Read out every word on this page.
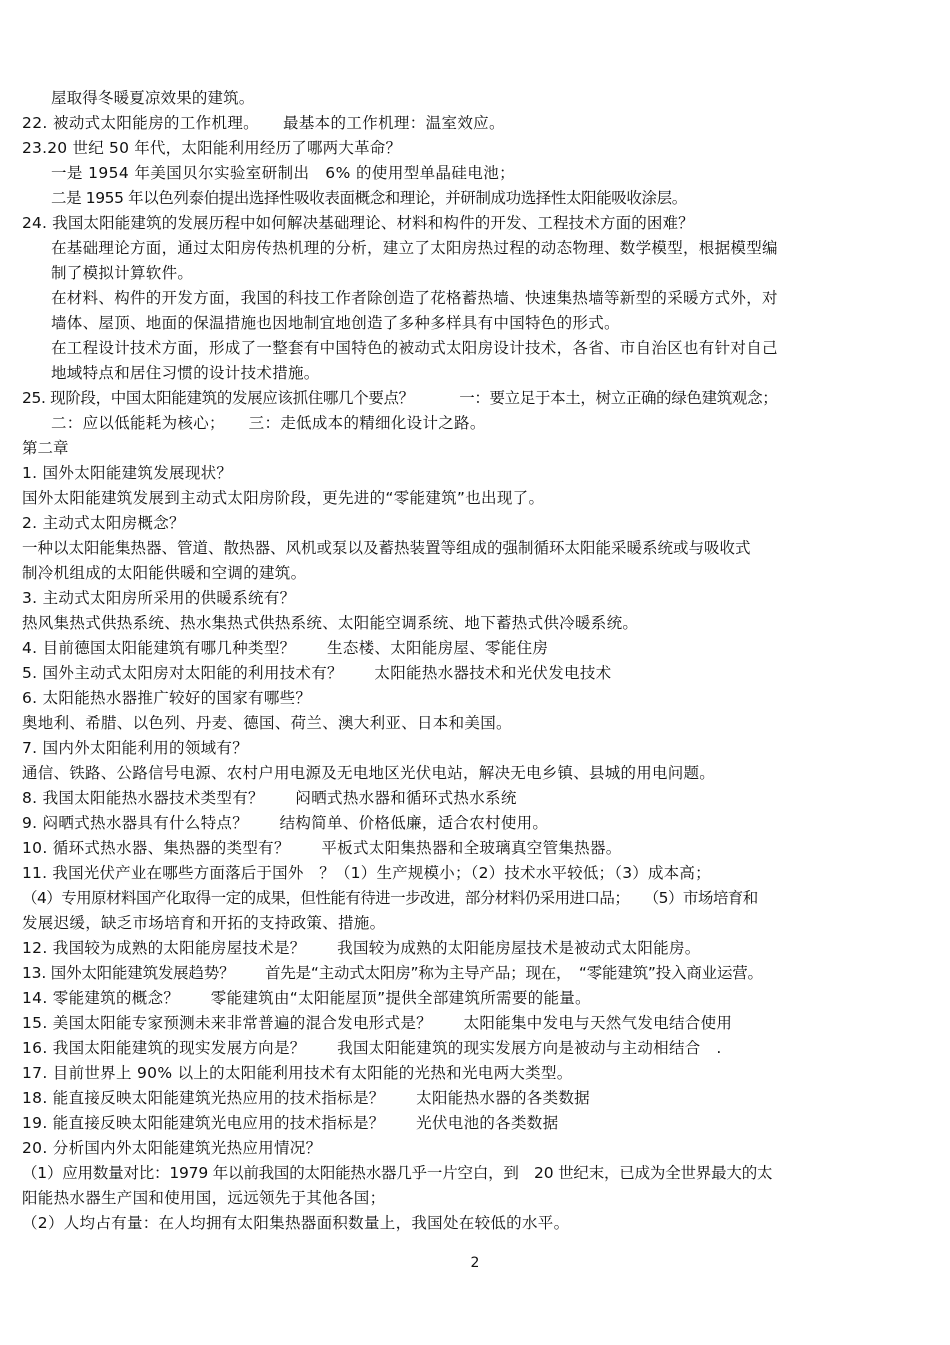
屋取得冬暖夏凉效果的建筑。
22. 被动式太阳能房的工作机理。　　最基本的工作机理：温室效应。
23.20 世纪 50 年代，太阳能利用经历了哪两大革命？
一是 1954 年美国贝尔实验室研制出　6% 的使用型单晶硅电池；
二是 1955 年以色列泰伯提出选择性吸收表面概念和理论，并研制成功选择性太阳能吸收涂层。
24. 我国太阳能建筑的发展历程中如何解决基础理论、材料和构件的开发、工程技术方面的困难？
在基础理论方面，通过太阳房传热机理的分析，建立了太阳房热过程的动态物理、数学模型，根据模型编
制了模拟计算软件。
在材料、构件的开发方面，我国的科技工作者除创造了花格蓄热墙、快速集热墙等新型的采暖方式外，对
墙体、屋顶、地面的保温措施也因地制宜地创造了多种多样具有中国特色的形式。
在工程设计技术方面，形成了一整套有中国特色的被动式太阳房设计技术，各省、市自治区也有针对自己
地域特点和居住习惯的设计技术措施。
25. 现阶段，中国太阳能建筑的发展应该抓住哪几个要点？　　　一：要立足于本土，树立正确的绿色建筑观念；
二：应以低能耗为核心；　　三：走低成本的精细化设计之路。
第二章
1. 国外太阳能建筑发展现状？
国外太阳能建筑发展到主动式太阳房阶段，更先进的“零能建筑”也出现了。
2. 主动式太阳房概念？
一种以太阳能集热器、管道、散热器、风机或泵以及蓄热装置等组成的强制循环太阳能采暖系统或与吸收式
制冷机组成的太阳能供暖和空调的建筑。
3. 主动式太阳房所采用的供暖系统有？
热风集热式供热系统、热水集热式供热系统、太阳能空调系统、地下蓄热式供冷暖系统。
4. 目前德国太阳能建筑有哪几种类型？　　生态楼、太阳能房屋、零能住房
5. 国外主动式太阳房对太阳能的利用技术有？　　太阳能热水器技术和光伏发电技术
6. 太阳能热水器推广较好的国家有哪些？
奥地利、希腊、以色列、丹麦、德国、荷兰、澳大利亚、日本和美国。
7. 国内外太阳能利用的领域有？
通信、铁路、公路信号电源、农村户用电源及无电地区光伏电站，解决无电乡镇、县城的用电问题。
8. 我国太阳能热水器技术类型有？　　闷晒式热水器和循环式热水系统
9. 闷晒式热水器具有什么特点？　　结构简单、价格低廉，适合农村使用。
10. 循环式热水器、集热器的类型有？　　平板式太阳集热器和全玻璃真空管集热器。
11. 我国光伏产业在哪些方面落后于国外　？（1）生产规模小；（2）技术水平较低；（3）成本高；
（4）专用原材料国产化取得一定的成果，但性能有待进一步改进，部分材料仍采用进口品；　　（5）市场培育和
发展迟缓，缺乏市场培育和开拓的支持政策、措施。
12. 我国较为成熟的太阳能房屋技术是？　　我国较为成熟的太阳能房屋技术是被动式太阳能房。
13. 国外太阳能建筑发展趋势？　　首先是“主动式太阳房”称为主导产品；现在，　“零能建筑”投入商业运营。
14. 零能建筑的概念？　　零能建筑由“太阳能屋顶”提供全部建筑所需要的能量。
15. 美国太阳能专家预测未来非常普遍的混合发电形式是？　　太阳能集中发电与天然气发电结合使用
16. 我国太阳能建筑的现实发展方向是？　　我国太阳能建筑的现实发展方向是被动与主动相结合　.
17. 目前世界上 90% 以上的太阳能利用技术有太阳能的光热和光电两大类型。
18. 能直接反映太阳能建筑光热应用的技术指标是？　　太阳能热水器的各类数据
19. 能直接反映太阳能建筑光电应用的技术指标是？　　光伏电池的各类数据
20. 分析国内外太阳能建筑光热应用情况？
（1）应用数量对比：1979 年以前我国的太阳能热水器几乎一片空白，到　20 世纪末，已成为全世界最大的太
阳能热水器生产国和使用国，远远领先于其他各国；
（2）人均占有量：在人均拥有太阳集热器面积数量上，我国处在较低的水平。
2
